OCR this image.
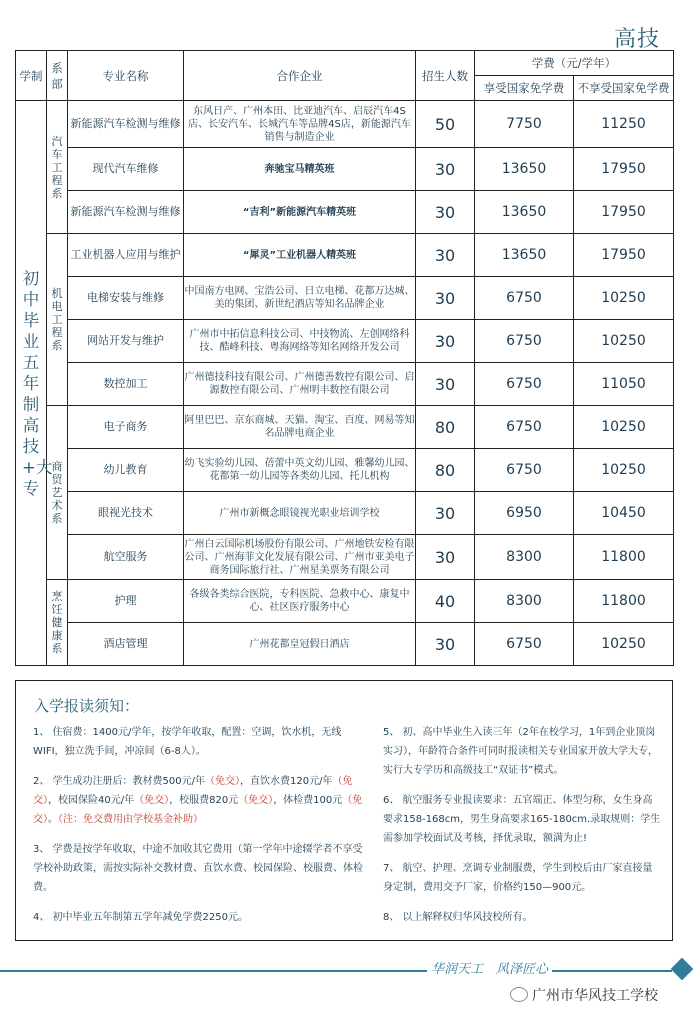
高技
学制	系部	专业名称	合作企业	招生人数	学费（元/学年）	
					享受国家免学费	不享受国家免学费

初中毕业五年制高技+大专	汽车工程系	新能源汽车检测与维修	东风日产、广州本田、比亚迪汽车、启辰汽车4S店、长安汽车、长城汽车等品牌4S店，新能源汽车销售与制造企业	50	7750	11250
		现代汽车维修	奔驰宝马精英班	30	13650	17950
		新能源汽车检测与维修	“吉利”新能源汽车精英班	30	13650	17950

	机电工程系	工业机器人应用与维护	“犀灵”工业机器人精英班	30	13650	17950
		电梯安装与维修	中国南方电网、宝浩公司、日立电梯、花都万达城、美的集团、新世纪酒店等知名品牌企业	30	6750	10250
		网站开发与维护	广州市中拓信息科技公司、中技物流、左创网络科技、酷峰科技、粤海网络等知名网络开发公司	30	6750	10250
		数控加工	广州德技科技有限公司、广州德善数控有限公司、启源数控有限公司、广州明丰数控有限公司	30	6750	11050

	商贸艺术系	电子商务	阿里巴巴、京东商城、天猫、淘宝、百度、网易等知名品牌电商企业	80	6750	10250
		幼儿教育	幼飞实验幼儿园、蓓蕾中英文幼儿园、雅馨幼儿园、花都第一幼儿园等各类幼儿园、托儿机构	80	6750	10250
		眼视光技术	广州市新概念眼镜视光职业培训学校	30	6950	10450
		航空服务	广州白云国际机场股份有限公司、广州地铁安检有限公司、广州海菲文化发展有限公司、广州市亚美电子商务国际旅行社、广州星美票务有限公司	30	8300	11800

	烹饪健康系	护理	各级各类综合医院，专科医院、急救中心、康复中心、社区医疗服务中心	40	8300	11800
		酒店管理	广州花都皇冠假日酒店	30	6750	10250
入学报读须知：
1、 住宿费：1400元/学年，按学年收取，配置：空调，饮水机，无线WIFI，独立洗手间，冲凉间（6-8人）。
2、 学生成功注册后：教材费500元/年（免交），直饮水费120元/年（免交），校园保险40元/年（免交），校服费820元（免交），体检费100元（免交）。（注：免交费用由学校基金补助）
3、 学费是按学年收取，中途不加收其它费用（第一学年中途辍学者不享受学校补助政策，需按实际补交教材费、直饮水费、校园保险、校服费、体检费。
4、 初中毕业五年制第五学年减免学费2250元。
5、 初、高中毕业生入读三年（2年在校学习，1年到企业顶岗实习），年龄符合条件可同时报读相关专业国家开放大学大专，实行大专学历和高级技工“双证书”模式。
6、 航空服务专业报读要求：五官端正、体型匀称，女生身高要求158-168cm，男生身高要求165-180cm.录取规则：学生需参加学校面试及考核，择优录取，额满为止!
7、 航空、护理、烹调专业制服费，学生到校后由厂家直接量身定制，费用交予厂家，价格约150—900元。
8、 以上解释权归华风技校所有。
华润天工　风泽匠心
广州市华风技工学校
